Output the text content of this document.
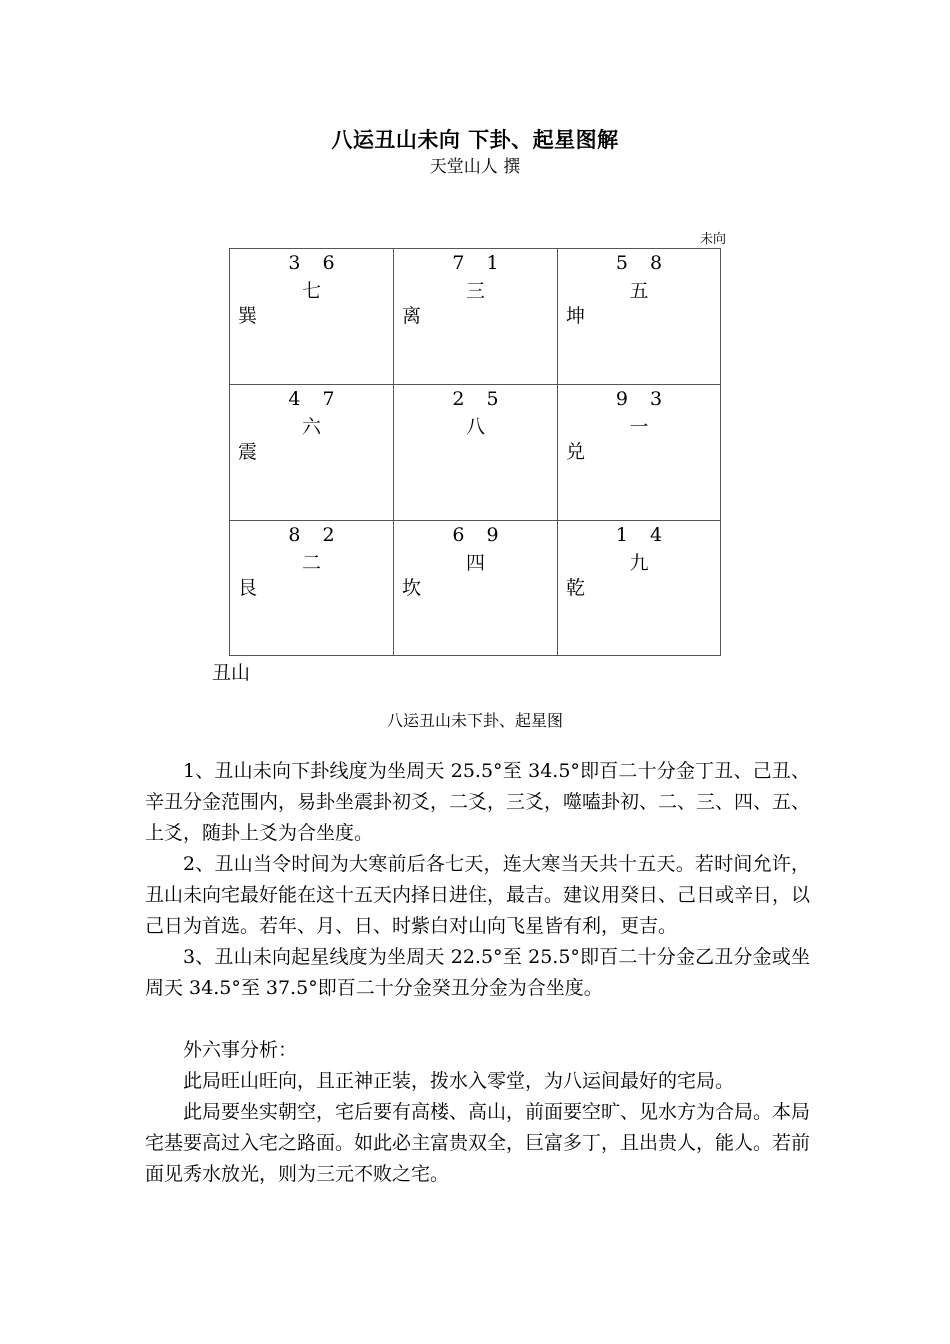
八运丑山未向 下卦、起星图解
天堂山人 撰
未向
3 6
七
巽
7 1
三
离
5 8
五
坤
4 7
六
震
2 5
八
9 3
一
兑
8 2
二
艮
6 9
四
坎
1 4
九
乾
丑山
八运丑山未下卦、起星图

1、丑山未向下卦线度为坐周天 25.5°至 34.5°即百二十分金丁丑、己丑、辛丑分金范围内，易卦坐震卦初爻，二爻，三爻，噬嗑卦初、二、三、四、五、上爻，随卦上爻为合坐度。

2、丑山当令时间为大寒前后各七天，连大寒当天共十五天。若时间允许，丑山未向宅最好能在这十五天内择日进住，最吉。建议用癸日、己日或辛日，以己日为首选。若年、月、日、时紫白对山向飞星皆有利，更吉。

3、丑山未向起星线度为坐周天 22.5°至 25.5°即百二十分金乙丑分金或坐周天 34.5°至 37.5°即百二十分金癸丑分金为合坐度。

外六事分析：

此局旺山旺向，且正神正装，拨水入零堂，为八运间最好的宅局。

此局要坐实朝空，宅后要有高楼、高山，前面要空旷、见水方为合局。本局宅基要高过入宅之路面。如此必主富贵双全，巨富多丁，且出贵人，能人。若前面见秀水放光，则为三元不败之宅。
